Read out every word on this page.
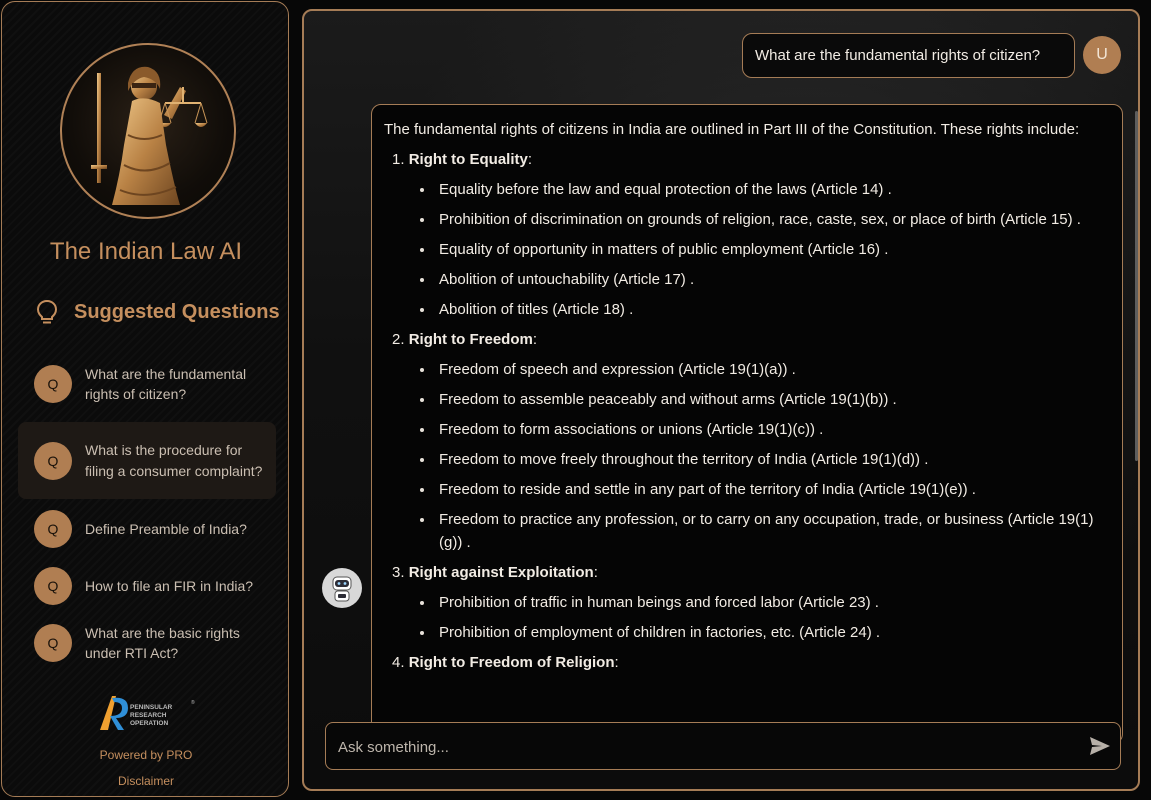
The Indian Law AI
Suggested Questions
Q
What are the fundamental rights of citizen?
Q
What is the procedure for filing a consumer complaint?
Q	Define Preamble of India?
Q	How to file an FIR in India?
Q
What are the basic rights under RTI Act?
PENINSULAR
RESEARCH
OPERATION
®
Powered by PRO
Disclaimer
What are the fundamental rights of citizen?	U
The fundamental rights of citizens in India are outlined in Part III of the Constitution. These rights include:
1. Right to Equality:
Equality before the law and equal protection of the laws (Article 14) .
Prohibition of discrimination on grounds of religion, race, caste, sex, or place of birth (Article 15) .
Equality of opportunity in matters of public employment (Article 16) .
Abolition of untouchability (Article 17) .
Abolition of titles (Article 18) .
2. Right to Freedom:
Freedom of speech and expression (Article 19(1)(a)) .
Freedom to assemble peaceably and without arms (Article 19(1)(b)) .
Freedom to form associations or unions (Article 19(1)(c)) .
Freedom to move freely throughout the territory of India (Article 19(1)(d)) .
Freedom to reside and settle in any part of the territory of India (Article 19(1)(e)) .
Freedom to practice any profession, or to carry on any occupation, trade, or business (Article 19(1)(g)) .
3. Right against Exploitation:
Prohibition of traffic in human beings and forced labor (Article 23) .
Prohibition of employment of children in factories, etc. (Article 24) .
4. Right to Freedom of Religion:
Ask something...
